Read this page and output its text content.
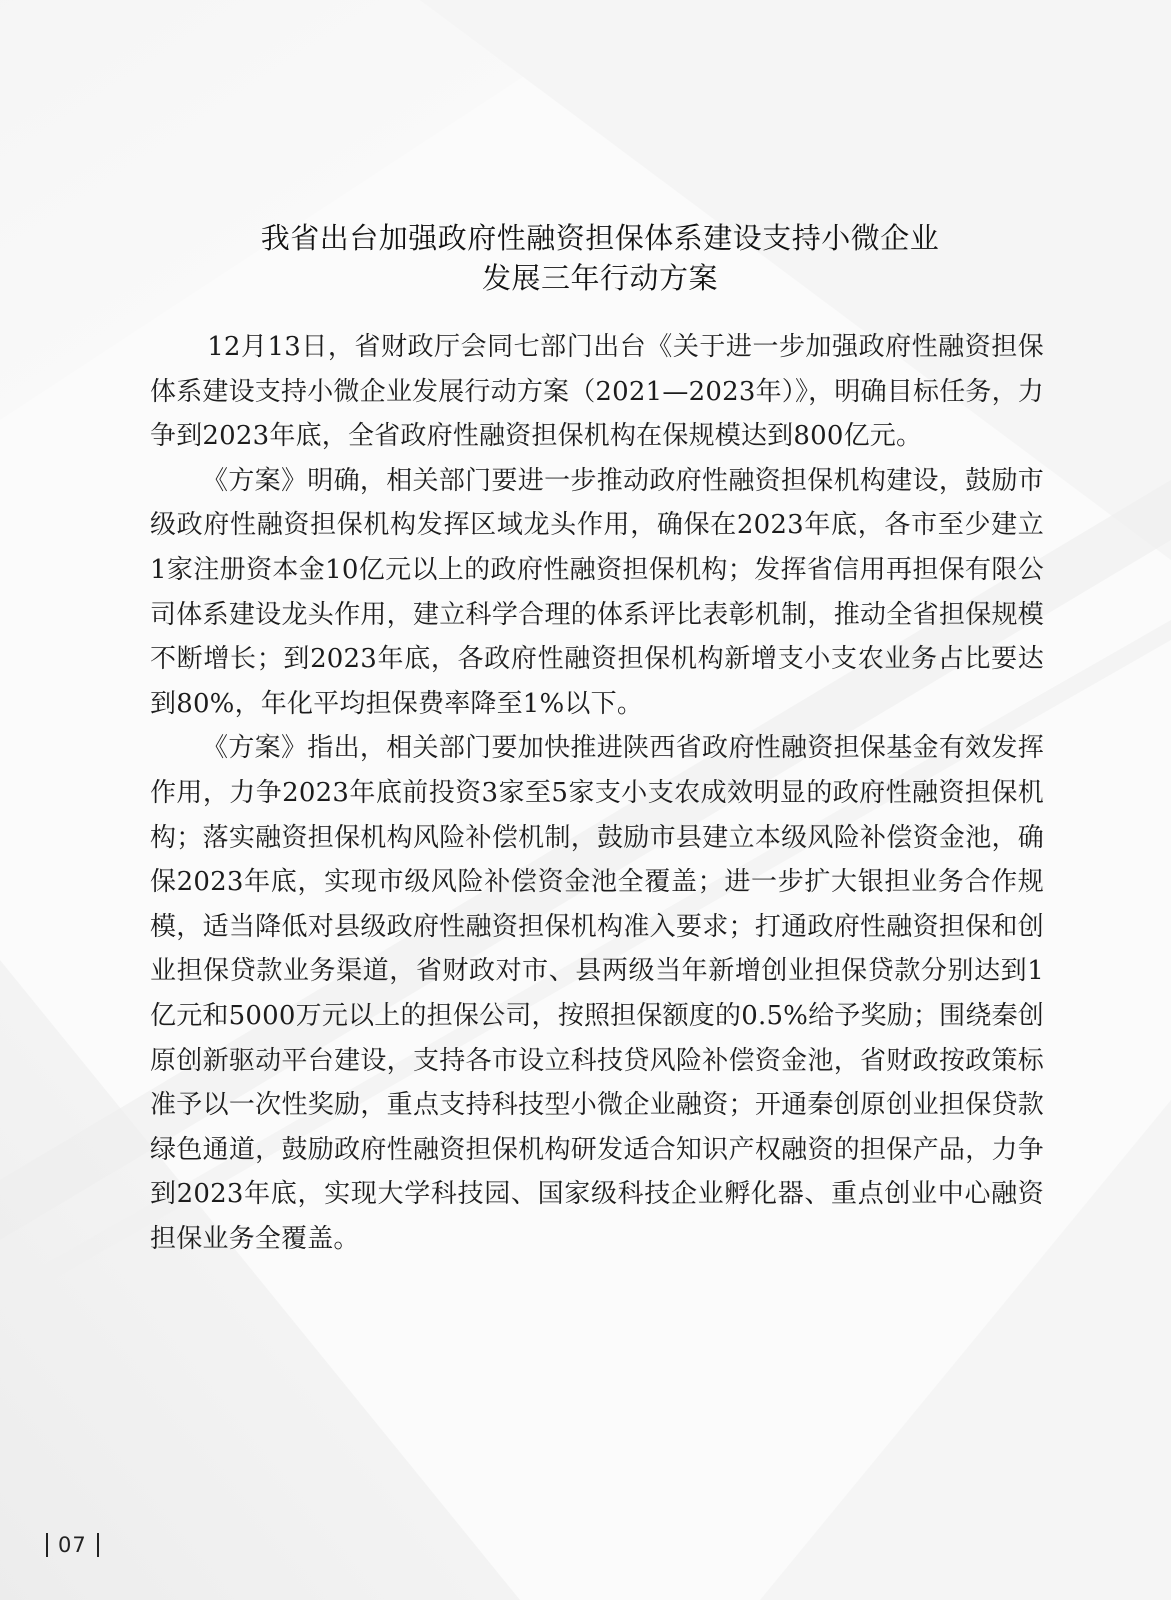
我省出台加强政府性融资担保体系建设支持小微企业
发展三年行动方案

12月13日，省财政厅会同七部门出台《关于进一步加强政府性融资担保体系建设支持小微企业发展行动方案（2021—2023年）》，明确目标任务，力争到2023年底，全省政府性融资担保机构在保规模达到800亿元。

《方案》明确，相关部门要进一步推动政府性融资担保机构建设，鼓励市级政府性融资担保机构发挥区域龙头作用，确保在2023年底，各市至少建立1家注册资本金10亿元以上的政府性融资担保机构；发挥省信用再担保有限公司体系建设龙头作用，建立科学合理的体系评比表彰机制，推动全省担保规模不断增长；到2023年底，各政府性融资担保机构新增支小支农业务占比要达到80%，年化平均担保费率降至1%以下。

《方案》指出，相关部门要加快推进陕西省政府性融资担保基金有效发挥作用，力争2023年底前投资3家至5家支小支农成效明显的政府性融资担保机构；落实融资担保机构风险补偿机制，鼓励市县建立本级风险补偿资金池，确保2023年底，实现市级风险补偿资金池全覆盖；进一步扩大银担业务合作规模，适当降低对县级政府性融资担保机构准入要求；打通政府性融资担保和创业担保贷款业务渠道，省财政对市、县两级当年新增创业担保贷款分别达到1亿元和5000万元以上的担保公司，按照担保额度的0.5%给予奖励；围绕秦创原创新驱动平台建设，支持各市设立科技贷风险补偿资金池，省财政按政策标准予以一次性奖励，重点支持科技型小微企业融资；开通秦创原创业担保贷款绿色通道，鼓励政府性融资担保机构研发适合知识产权融资的担保产品，力争到2023年底，实现大学科技园、国家级科技企业孵化器、重点创业中心融资担保业务全覆盖。

07
